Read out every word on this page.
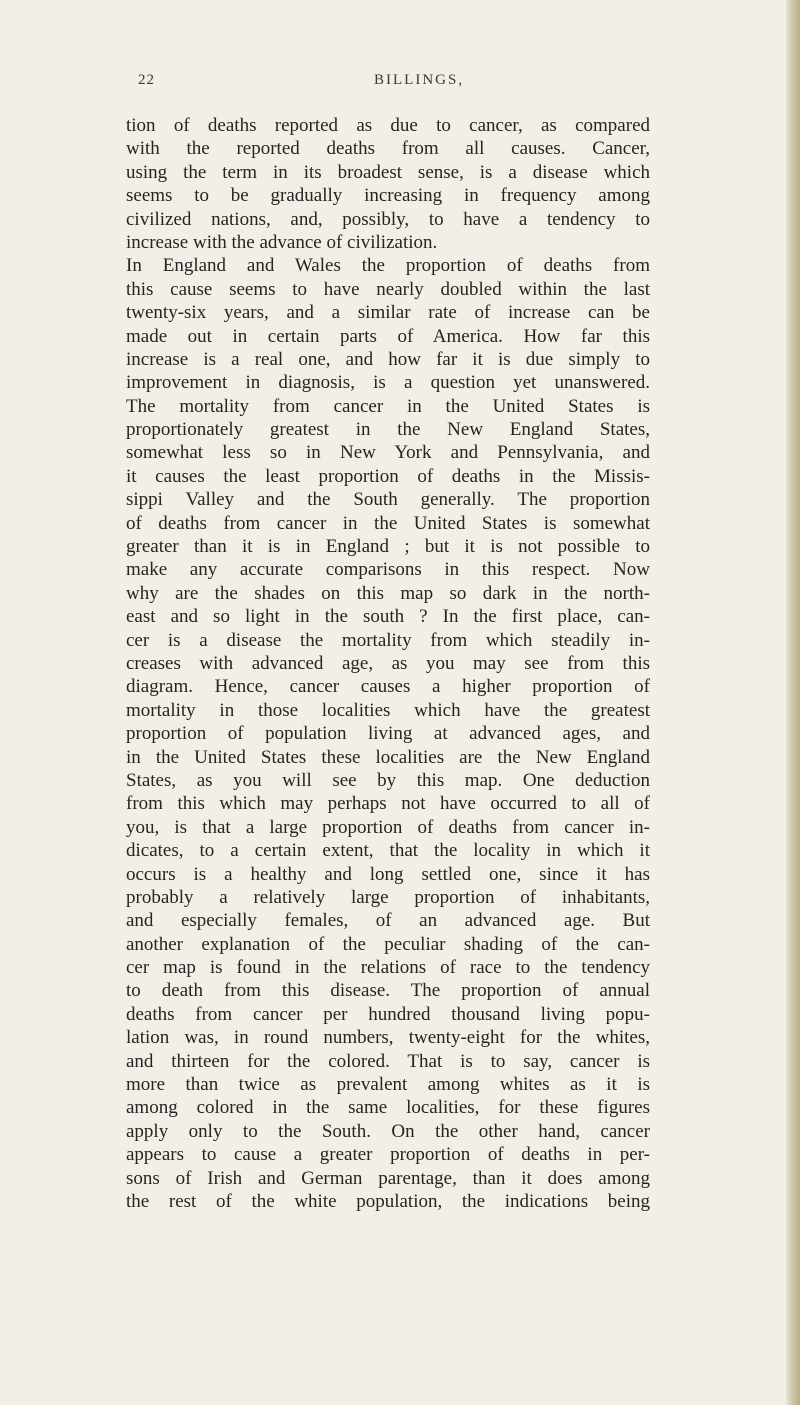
22	BILLINGS,
tion of deaths reported as due to cancer, as compared
with the reported deaths from all causes. Cancer,
using the term in its broadest sense, is a disease which
seems to be gradually increasing in frequency among
civilized nations, and, possibly, to have a tendency to
increase with the advance of civilization.
In England and Wales the proportion of deaths from
this cause seems to have nearly doubled within the last
twenty-six years, and a similar rate of increase can be
made out in certain parts of America. How far this
increase is a real one, and how far it is due simply to
improvement in diagnosis, is a question yet unanswered.
The mortality from cancer in the United States is
proportionately greatest in the New England States,
somewhat less so in New York and Pennsylvania, and
it causes the least proportion of deaths in the Missis-
sippi Valley and the South generally. The proportion
of deaths from cancer in the United States is somewhat
greater than it is in England ; but it is not possible to
make any accurate comparisons in this respect. Now
why are the shades on this map so dark in the north-
east and so light in the south ? In the first place, can-
cer is a disease the mortality from which steadily in-
creases with advanced age, as you may see from this
diagram. Hence, cancer causes a higher proportion of
mortality in those localities which have the greatest
proportion of population living at advanced ages, and
in the United States these localities are the New England
States, as you will see by this map. One deduction
from this which may perhaps not have occurred to all of
you, is that a large proportion of deaths from cancer in-
dicates, to a certain extent, that the locality in which it
occurs is a healthy and long settled one, since it has
probably a relatively large proportion of inhabitants,
and especially females, of an advanced age. But
another explanation of the peculiar shading of the can-
cer map is found in the relations of race to the tendency
to death from this disease. The proportion of annual
deaths from cancer per hundred thousand living popu-
lation was, in round numbers, twenty-eight for the whites,
and thirteen for the colored. That is to say, cancer is
more than twice as prevalent among whites as it is
among colored in the same localities, for these figures
apply only to the South. On the other hand, cancer
appears to cause a greater proportion of deaths in per-
sons of Irish and German parentage, than it does among
the rest of the white population, the indications being
